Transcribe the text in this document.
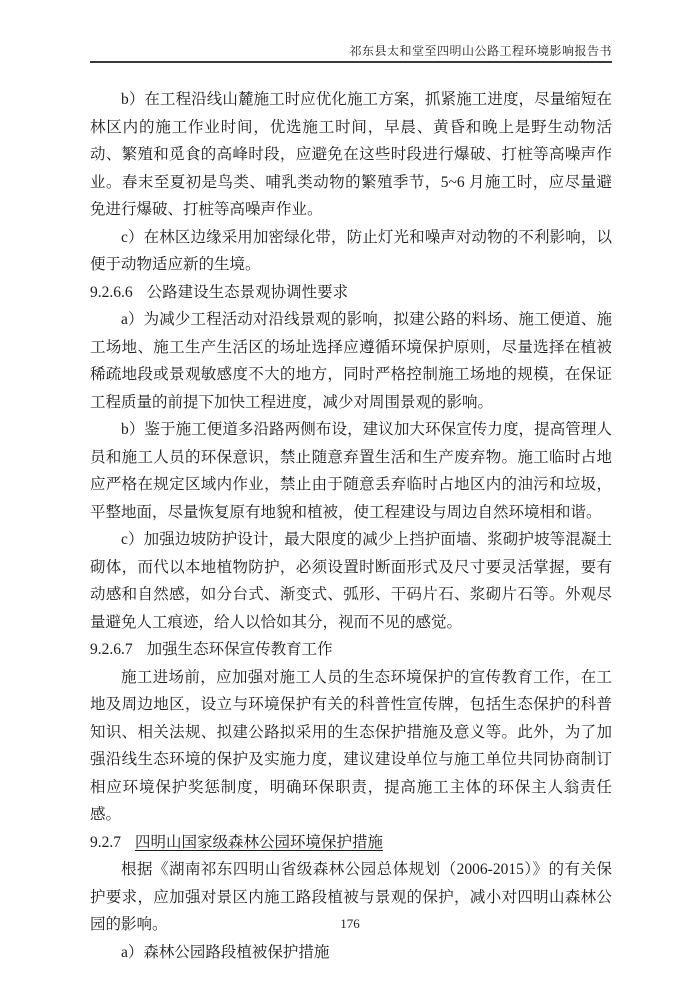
祁东县太和堂至四明山公路工程环境影响报告书

b）在工程沿线山麓施工时应优化施工方案，抓紧施工进度，尽量缩短在林区内的施工作业时间，优选施工时间，早晨、黄昏和晚上是野生动物活动、繁殖和觅食的高峰时段，应避免在这些时段进行爆破、打桩等高噪声作业。春末至夏初是鸟类、哺乳类动物的繁殖季节，5~6 月施工时，应尽量避免进行爆破、打桩等高噪声作业。

c）在林区边缘采用加密绿化带，防止灯光和噪声对动物的不利影响，以便于动物适应新的生境。

9.2.6.6 公路建设生态景观协调性要求

a）为减少工程活动对沿线景观的影响，拟建公路的料场、施工便道、施工场地、施工生产生活区的场址选择应遵循环境保护原则，尽量选择在植被稀疏地段或景观敏感度不大的地方，同时严格控制施工场地的规模，在保证工程质量的前提下加快工程进度，减少对周围景观的影响。

b）鉴于施工便道多沿路两侧布设，建议加大环保宣传力度，提高管理人员和施工人员的环保意识，禁止随意弃置生活和生产废弃物。施工临时占地应严格在规定区域内作业，禁止由于随意丢弃临时占地区内的油污和垃圾，平整地面，尽量恢复原有地貌和植被，使工程建设与周边自然环境相和谐。

c）加强边坡防护设计，最大限度的减少上挡护面墙、浆砌护坡等混凝土砌体，而代以本地植物防护，必须设置时断面形式及尺寸要灵活掌握，要有动感和自然感，如分台式、渐变式、弧形、干码片石、浆砌片石等。外观尽量避免人工痕迹，给人以恰如其分，视而不见的感觉。

9.2.6.7 加强生态环保宣传教育工作

施工进场前，应加强对施工人员的生态环境保护的宣传教育工作，在工地及周边地区，设立与环境保护有关的科普性宣传牌，包括生态保护的科普知识、相关法规、拟建公路拟采用的生态保护措施及意义等。此外，为了加强沿线生态环境的保护及实施力度，建议建设单位与施工单位共同协商制订相应环境保护奖惩制度，明确环保职责，提高施工主体的环保主人翁责任感。

9.2.7 四明山国家级森林公园环境保护措施

根据《湖南祁东四明山省级森林公园总体规划（2006-2015）》的有关保护要求，应加强对景区内施工路段植被与景观的保护，减小对四明山森林公园的影响。

a）森林公园路段植被保护措施

176
